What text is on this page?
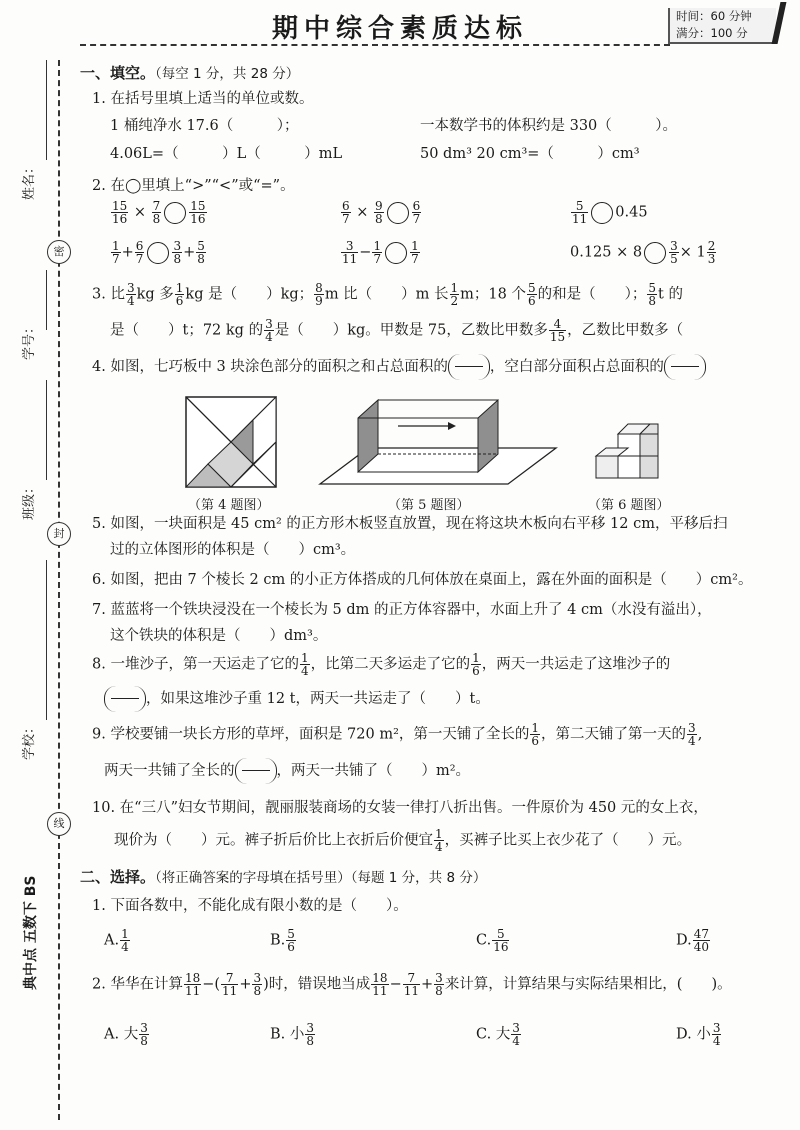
期中综合素质达标	时间：60 分钟
满分：100 分
姓名：
密
学号：
班级：
封
学校：
线
典中点 五数下 BS
一、填空。（每空 1 分，共 28 分）
1. 在括号里填上适当的单位或数。
1 桶纯净水 17.6（　　　）；	一本数学书的体积约是 330（　　　）。
4.06L=（　　　）L（　　　）mL	50 dm³ 20 cm³=（　　　）cm³
2. 在◯里填上“>”“<”或“=”。
$\frac{15}{16} \times \frac{7}{8} \frac{15}{16}$	$\frac{6}{7} \times \frac{9}{8} \frac{6}{7}$	$\frac{5}{11} 0.45$
$\frac{1}{7} + \frac{6}{7} \frac{3}{8} + \frac{5}{8}$	$\frac{3}{11} - \frac{1}{7} \frac{1}{7}$	$0.125 \times 8 \frac{3}{5} \times 1 \frac{2}{3}$
3. 比 $\frac{3}{4}$ kg 多 $\frac{1}{6}$ kg 是（　　）kg； $\frac{8}{9}$ m 比（　　）m 长 $\frac{1}{2}$ m；18 个 $\frac{5}{6}$ 的和是（　　）； $\frac{5}{8}$ t 的
是（　　）t；72 kg 的 $\frac{3}{4}$ 是（　　）kg。甲数是 75，乙数比甲数多 $\frac{4}{15}$ ，乙数比甲数多（
4. 如图，七巧板中 3 块涂色部分的面积之和占总面积的	，空白部分面积占总面积的
（第 4 题图）	（第 5 题图）	（第 6 题图）
5. 如图，一块面积是 45 cm² 的正方形木板竖直放置，现在将这块木板向右平移 12 cm，平移后扫
过的立体图形的体积是（　　）cm³。
6. 如图，把由 7 个棱长 2 cm 的小正方体搭成的几何体放在桌面上，露在外面的面积是（　　）cm²。
7. 蓝蓝将一个铁块浸没在一个棱长为 5 dm 的正方体容器中，水面上升了 4 cm（水没有溢出），
这个铁块的体积是（　　）dm³。
8. 一堆沙子，第一天运走了它的 $\frac{1}{4}$ ，比第二天多运走了它的 $\frac{1}{6}$ ，两天一共运走了这堆沙子的
，如果这堆沙子重 12 t，两天一共运走了（　　）t。
9. 学校要铺一块长方形的草坪，面积是 720 m²，第一天铺了全长的 $\frac{1}{6}$ ，第二天铺了第一天的 $\frac{3}{4}$ ,
两天一共铺了全长的	，两天一共铺了（　　）m²。
10. 在“三八”妇女节期间，靓丽服装商场的女装一律打八折出售。一件原价为 450 元的女上衣，
现价为（　　）元。裤子折后价比上衣折后价便宜 $\frac{1}{4}$ ，买裤子比买上衣少花了（　　）元。
二、选择。（将正确答案的字母填在括号里）（每题 1 分，共 8 分）
1. 下面各数中，不能化成有限小数的是（　　）。
A. $\frac{1}{4}$	B. $\frac{5}{6}$	C. $\frac{5}{16}$	D. $\frac{47}{40}$
2. 华华在计算 $\frac{18}{11}$ −( $\frac{7}{11} + \frac{3}{8}$ )时，错误地当成 $\frac{18}{11} - \frac{7}{11} + \frac{3}{8}$ 来计算，计算结果与实际结果相比，(　　)。
A. 大 $\frac{3}{8}$	B. 小 $\frac{3}{8}$	C. 大 $\frac{3}{4}$	D. 小 $\frac{3}{4}$
